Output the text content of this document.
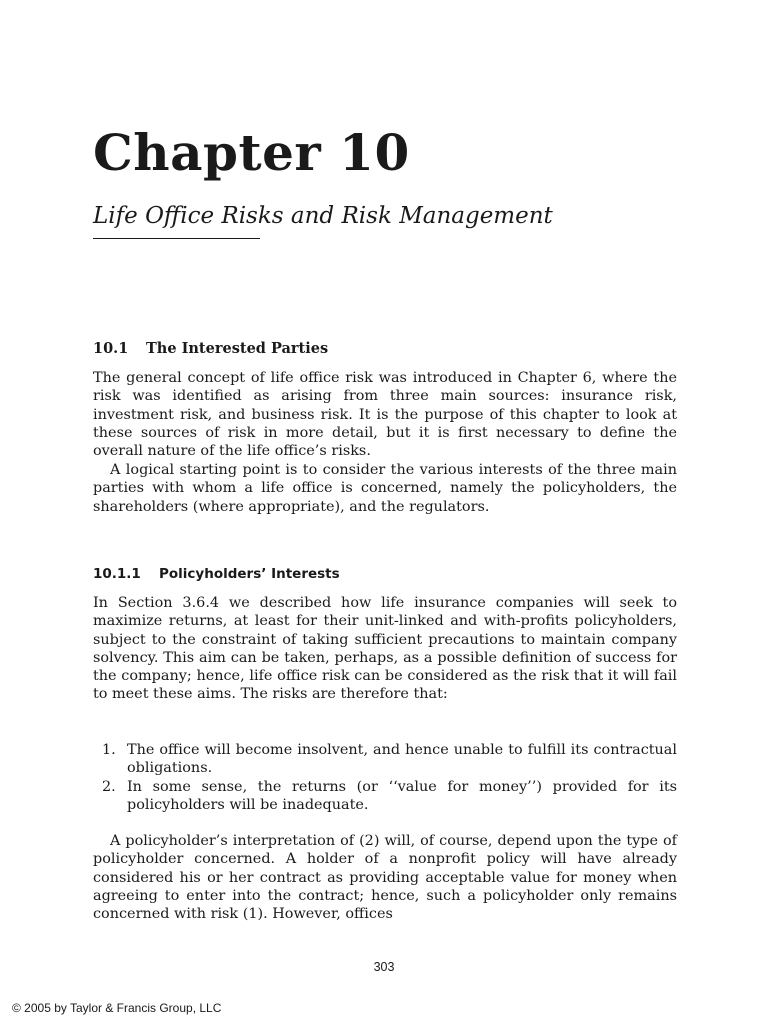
Chapter 10
Life Office Risks and Risk Management
10.1 The Interested Parties

The general concept of life office risk was introduced in Chapter 6, where the risk was identified as arising from three main sources: insurance risk, investment risk, and business risk. It is the purpose of this chapter to look at these sources of risk in more detail, but it is first necessary to define the overall nature of the life office’s risks.

A logical starting point is to consider the various interests of the three main parties with whom a life office is concerned, namely the policyholders, the shareholders (where appropriate), and the regulators.

10.1.1 Policyholders’ Interests

In Section 3.6.4 we described how life insurance companies will seek to maximize returns, at least for their unit-linked and with-profits policyholders, subject to the constraint of taking sufficient precautions to maintain company solvency. This aim can be taken, perhaps, as a possible definition of success for the company; hence, life office risk can be considered as the risk that it will fail to meet these aims. The risks are therefore that:

1. The office will become insolvent, and hence unable to fulfill its contractual obligations.
2. In some sense, the returns (or ‘‘value for money’’) provided for its policyholders will be inadequate.

A policyholder’s interpretation of (2) will, of course, depend upon the type of policyholder concerned. A holder of a nonprofit policy will have already considered his or her contract as providing acceptable value for money when agreeing to enter into the contract; hence, such a policyholder only remains concerned with risk (1). However, offices

303
© 2005 by Taylor & Francis Group, LLC
